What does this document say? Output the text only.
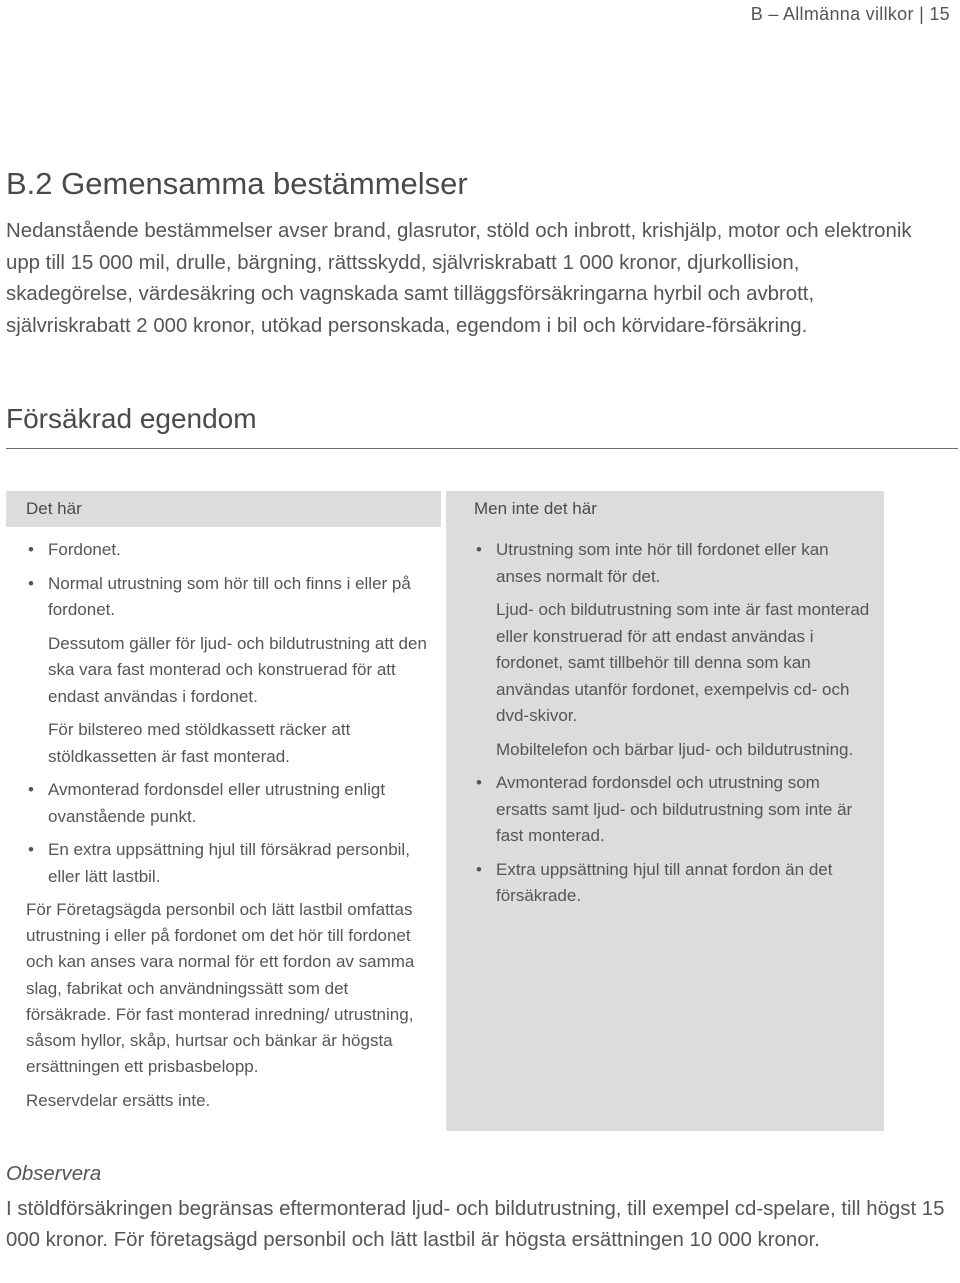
B – Allmänna villkor | 15
B.2 Gemensamma bestämmelser

Nedanstående bestämmelser avser brand, glasrutor, stöld och inbrott, krishjälp, motor och elektronik upp till 15 000 mil, drulle, bärgning, rättsskydd, självriskrabatt 1 000 kronor, djurkollision, skadegörelse, värdesäkring och vagnskada samt tilläggsförsäkringarna hyrbil och avbrott, självriskrabatt 2 000 kronor, utökad personskada, egendom i bil och körvidare-försäkring.

Försäkrad egendom
Det här
• Fordonet.
• Normal utrustning som hör till och finns i eller på fordonet.
Dessutom gäller för ljud- och bildutrustning att den ska vara fast monterad och konstruerad för att endast användas i fordonet.
För bilstereo med stöldkassett räcker att stöldkassetten är fast monterad.
• Avmonterad fordonsdel eller utrustning enligt ovanstående punkt.
• En extra uppsättning hjul till försäkrad personbil, eller lätt lastbil.
För Företagsägda personbil och lätt lastbil omfattas utrustning i eller på fordonet om det hör till fordonet och kan anses vara normal för ett fordon av samma slag, fabrikat och användningssätt som det försäkrade. För fast monterad inredning/ utrustning, såsom hyllor, skåp, hurtsar och bänkar är högsta ersättningen ett prisbasbelopp.
Reservdelar ersätts inte.
Men inte det här
• Utrustning som inte hör till fordonet eller kan anses normalt för det.
Ljud- och bildutrustning som inte är fast monterad eller konstruerad för att endast användas i fordonet, samt tillbehör till denna som kan användas utanför fordonet, exempelvis cd- och dvd-skivor.
Mobiltelefon och bärbar ljud- och bildutrustning.
• Avmonterad fordonsdel och utrustning som ersatts samt ljud- och bildutrustning som inte är fast monterad.
• Extra uppsättning hjul till annat fordon än det försäkrade.
Observera

I stöldförsäkringen begränsas eftermonterad ljud- och bildutrustning, till exempel cd-spelare, till högst 15 000 kronor. För företagsägd personbil och lätt lastbil är högsta ersättningen 10 000 kronor.
